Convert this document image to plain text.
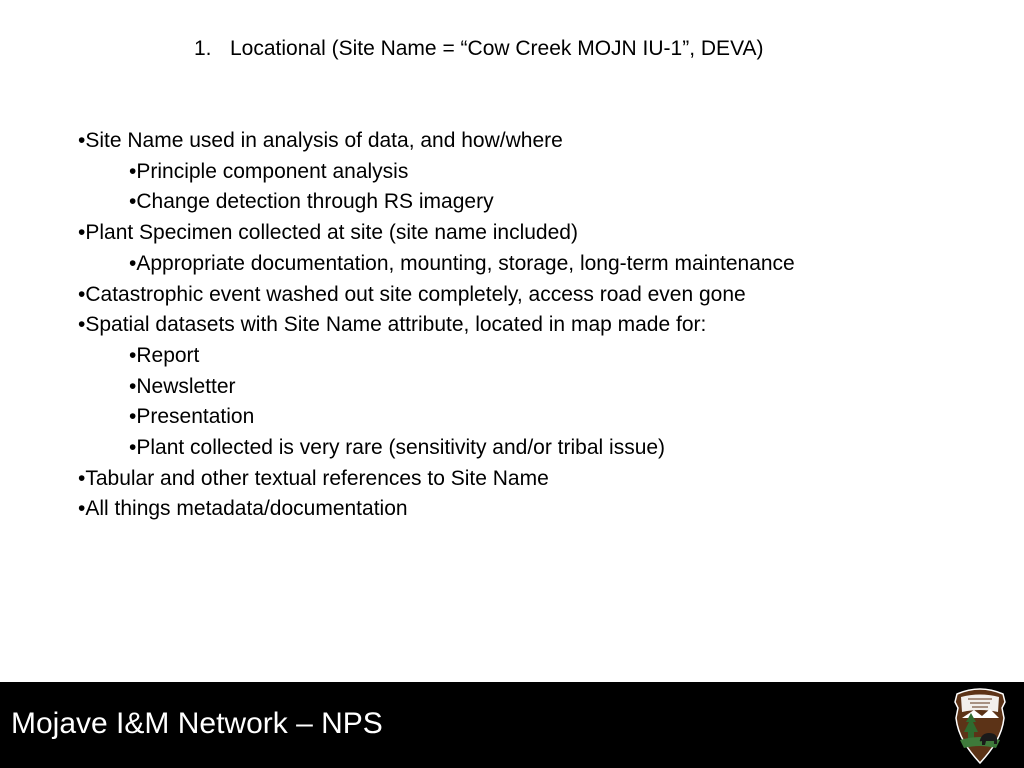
1. Locational (Site Name = “Cow Creek MOJN IU-1”, DEVA)
•Site Name used in analysis of data, and how/where
•Principle component analysis
•Change detection through RS imagery
•Plant Specimen collected at site (site name included)
•Appropriate documentation, mounting, storage, long-term maintenance
•Catastrophic event washed out site completely, access road even gone
•Spatial datasets with Site Name attribute, located in map made for:
•Report
•Newsletter
•Presentation
•Plant collected is very rare (sensitivity and/or tribal issue)
•Tabular and other textual references to Site Name
•All things metadata/documentation
Mojave I&M Network – NPS
